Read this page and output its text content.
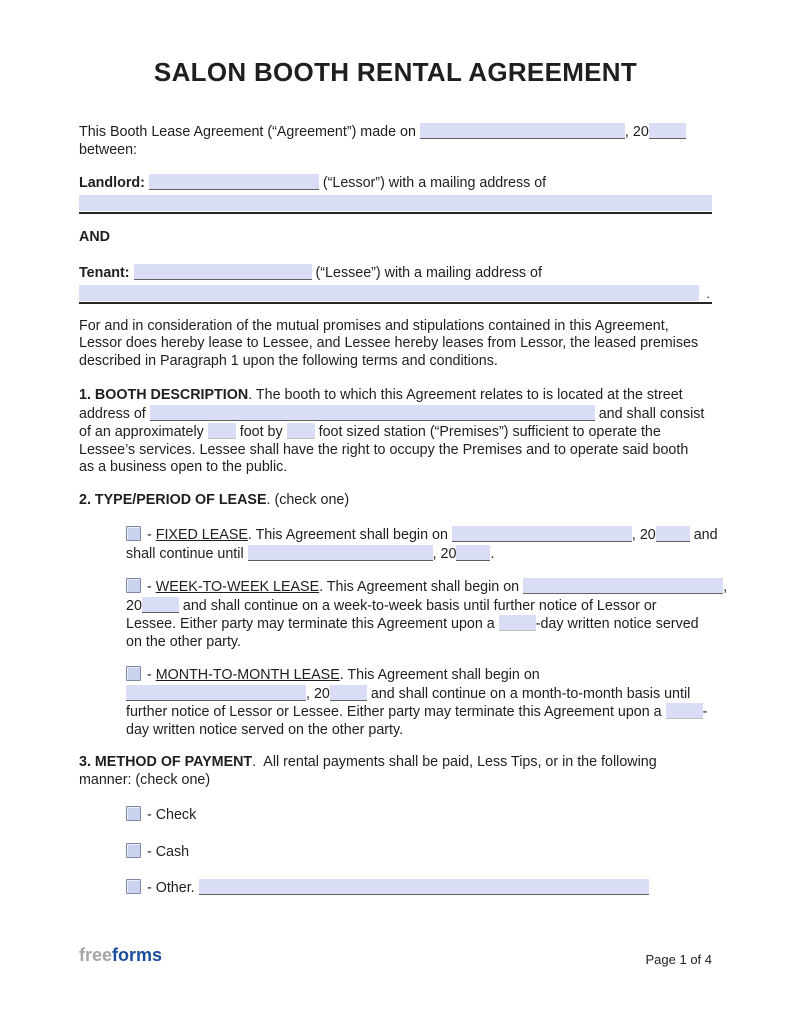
SALON BOOTH RENTAL AGREEMENT
This Booth Lease Agreement (“Agreement”) made on	, 20
between:
Landlord:	(“Lessor”) with a mailing address of
AND
Tenant:	(“Lessee”) with a mailing address of
.
For and in consideration of the mutual promises and stipulations contained in this Agreement,
Lessor does hereby lease to Lessee, and Lessee hereby leases from Lessor, the leased premises
described in Paragraph 1 upon the following terms and conditions.
1. BOOTH DESCRIPTION. The booth to which this Agreement relates to is located at the street
address of	and shall consist
of an approximately  foot by  foot sized station (“Premises”) sufficient to operate the
Lessee’s services. Lessee shall have the right to occupy the Premises and to operate said booth
as a business open to the public.
2. TYPE/PERIOD OF LEASE. (check one)
- FIXED LEASE. This Agreement shall begin on	, 20 and
shall continue until	, 20 .
- WEEK-TO-WEEK LEASE. This Agreement shall begin on	,
20	and shall continue on a week-to-week basis until further notice of Lessor or
Lessee. Either party may terminate this Agreement upon a	-day written notice served
on the other party.
- MONTH-TO-MONTH LEASE. This Agreement shall begin on
, 20	and shall continue on a month-to-month basis until
further notice of Lessor or Lessee. Either party may terminate this Agreement upon a	-
day written notice served on the other party.
3. METHOD OF PAYMENT.  All rental payments shall be paid, Less Tips, or in the following
manner: (check one)
- Check
- Cash
- Other.
freeforms	Page 1 of 4
